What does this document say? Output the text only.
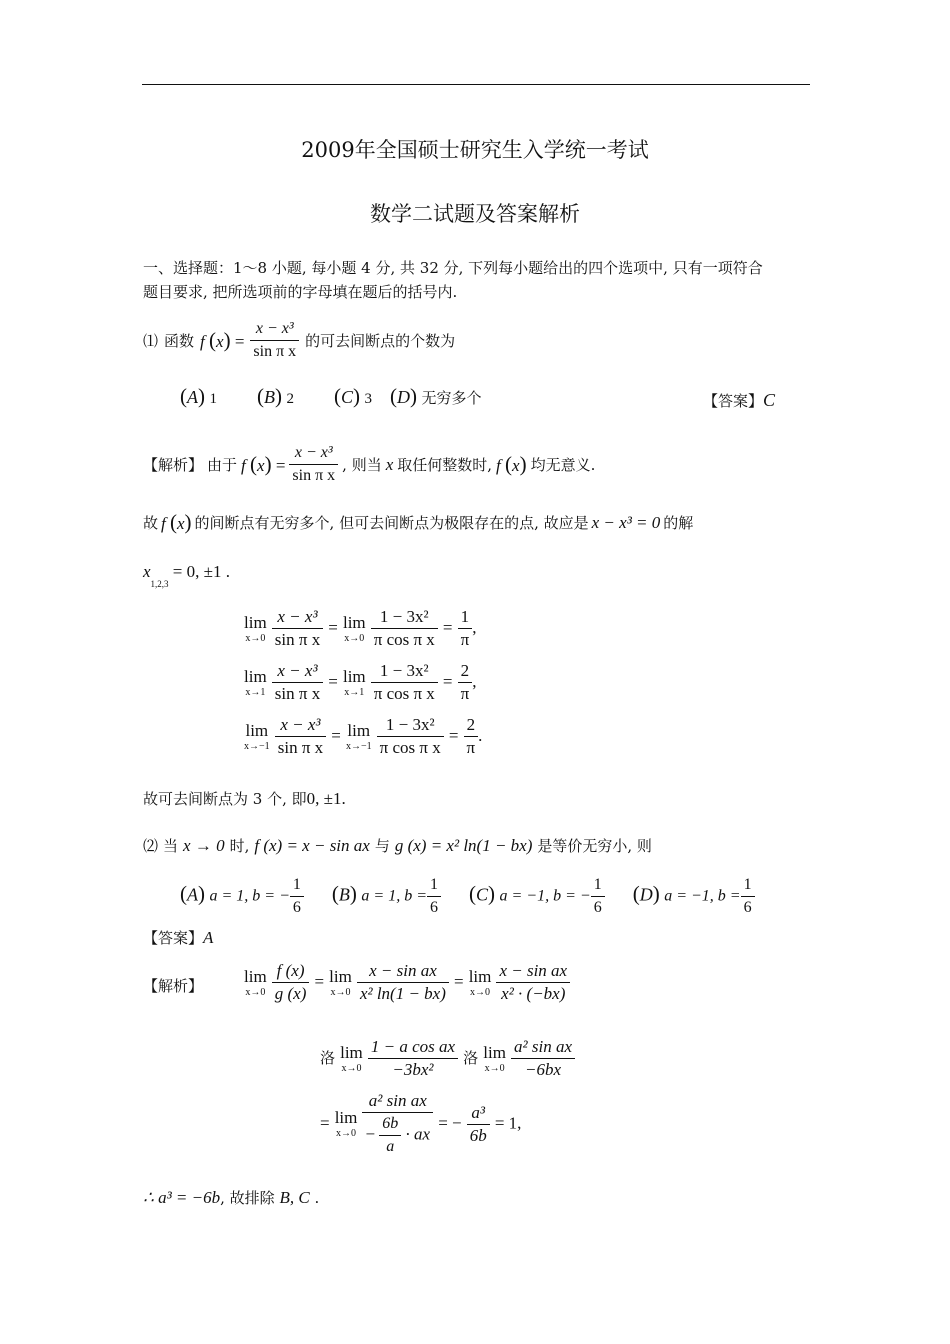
2009年全国硕士研究生入学统一考试
数学二试题及答案解析
一、选择题：1～8 小题, 每小题 4 分, 共 32 分, 下列每小题给出的四个选项中, 只有一项符合
题目要求, 把所选项前的字母填在题后的括号内.
⑴ 函数 f $(x) = \frac{\text{x − x³}}{\text{sin π x}}$ 的可去间断点的个数为
(A) 1 (B) 2 (C) 3 (D) 无穷多个	【答案】C
【解析】 由于 f $(x) = \frac{\text{x − x³}}{\text{sin π x}}$ , 则当 x 取任何整数时, f (x) 均无意义.
故 f (x) 的间断点有无穷多个, 但可去间断点为极限存在的点, 故应是 x − x³ = 0 的解
$x_{1,2,3} = 0$, ±1 .
lim
x→0
$\frac{\text{x − x³}}{\text{sin π x}} = \lim$
x→0
$\frac{\text{1 − 3x²}}{\text{π cos π x}} = \frac{1}{\pi}$ ,
lim
x→1
$\frac{\text{x − x³}}{\text{sin π x}} = \lim$
x→1
$\frac{\text{1 − 3x²}}{\text{π cos π x}} = \frac{2}{\pi}$ ,
lim
x→−1
$\frac{\text{x − x³}}{\text{sin π x}} = \lim$
x→−1
$\frac{\text{1 − 3x²}}{\text{π cos π x}} = \frac{2}{\pi}$ .
故可去间断点为 3 个, 即0, ±1.
⑵ 当 x → 0 时, f (x) = x − sin ax 与 g (x) = x² ln(1 − bx) 是等价无穷小, 则
(A) a = 1, b = − $\frac{1}{6} (B) a = 1$, $b = \frac{1}{6} (C) a = -1$, b = − $\frac{1}{6} (D) a = -1$, $b = \frac{1}{6}$
【答案】A
【解析】
lim
x→0
$\frac{f (x)}{g (x)} = \lim$
x→0
$\frac{\text{x − sin ax}}{\text{x² ln(1 − bx)}} = \lim$
x→0
$\frac{\text{x − sin ax}}{\text{x² · (−bx)}}$
洛 lim
x→0
$\frac{\text{1 − a cos ax}}{\text{−3bx²}}$ 洛 lim
x→0
$\frac{\text{a² sin ax}}{-6bx}$
= lim
x→0
$\frac{\text{a² sin ax}}{- \frac{6b}{a} \cdot ax}$ = − $\frac{\text{a³}}{6b} = 1$,
∴ a³ = −6b, 故排除 B, C .
